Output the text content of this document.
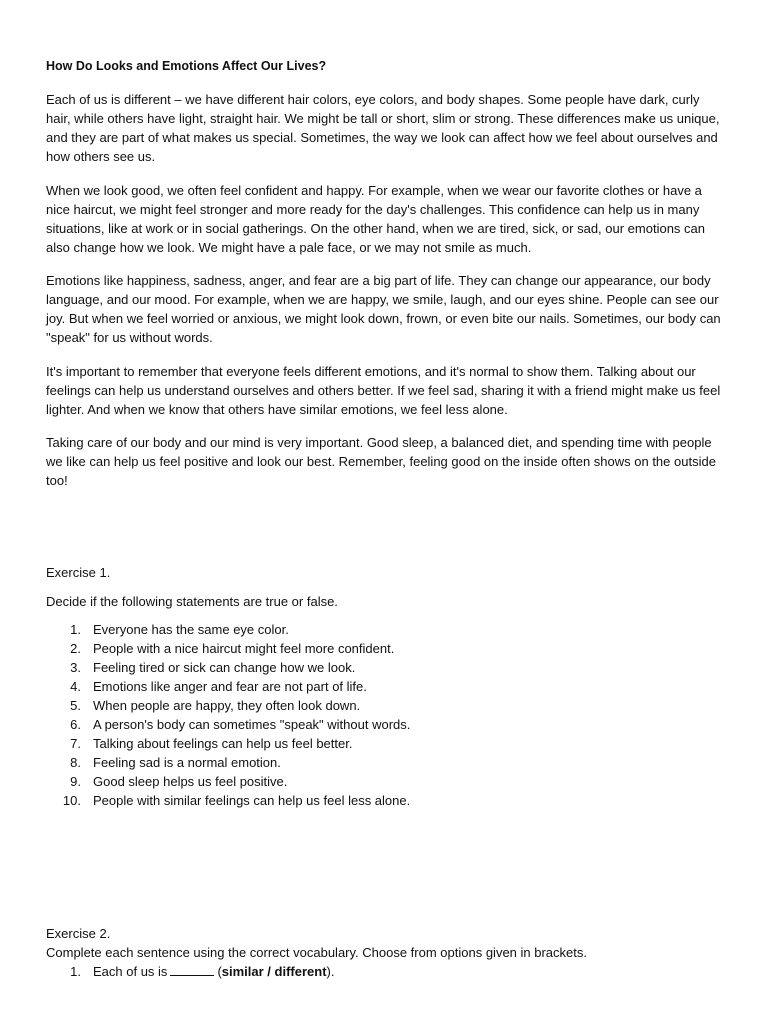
How Do Looks and Emotions Affect Our Lives?

Each of us is different – we have different hair colors, eye colors, and body shapes. Some people have dark, curly hair, while others have light, straight hair. We might be tall or short, slim or strong. These differences make us unique, and they are part of what makes us special. Sometimes, the way we look can affect how we feel about ourselves and how others see us.

When we look good, we often feel confident and happy. For example, when we wear our favorite clothes or have a nice haircut, we might feel stronger and more ready for the day's challenges. This confidence can help us in many situations, like at work or in social gatherings. On the other hand, when we are tired, sick, or sad, our emotions can also change how we look. We might have a pale face, or we may not smile as much.

Emotions like happiness, sadness, anger, and fear are a big part of life. They can change our appearance, our body language, and our mood. For example, when we are happy, we smile, laugh, and our eyes shine. People can see our joy. But when we feel worried or anxious, we might look down, frown, or even bite our nails. Sometimes, our body can "speak" for us without words.

It's important to remember that everyone feels different emotions, and it's normal to show them. Talking about our feelings can help us understand ourselves and others better. If we feel sad, sharing it with a friend might make us feel lighter. And when we know that others have similar emotions, we feel less alone.

Taking care of our body and our mind is very important. Good sleep, a balanced diet, and spending time with people we like can help us feel positive and look our best. Remember, feeling good on the inside often shows on the outside too!

Exercise 1.
Decide if the following statements are true or false.
1. Everyone has the same eye color.
2. People with a nice haircut might feel more confident.
3. Feeling tired or sick can change how we look.
4. Emotions like anger and fear are not part of life.
5. When people are happy, they often look down.
6. A person's body can sometimes "speak" without words.
7. Talking about feelings can help us feel better.
8. Feeling sad is a normal emotion.
9. Good sleep helps us feel positive.
10. People with similar feelings can help us feel less alone.
Exercise 2.
Complete each sentence using the correct vocabulary. Choose from options given in brackets.
1. Each of us is	(similar / different).
